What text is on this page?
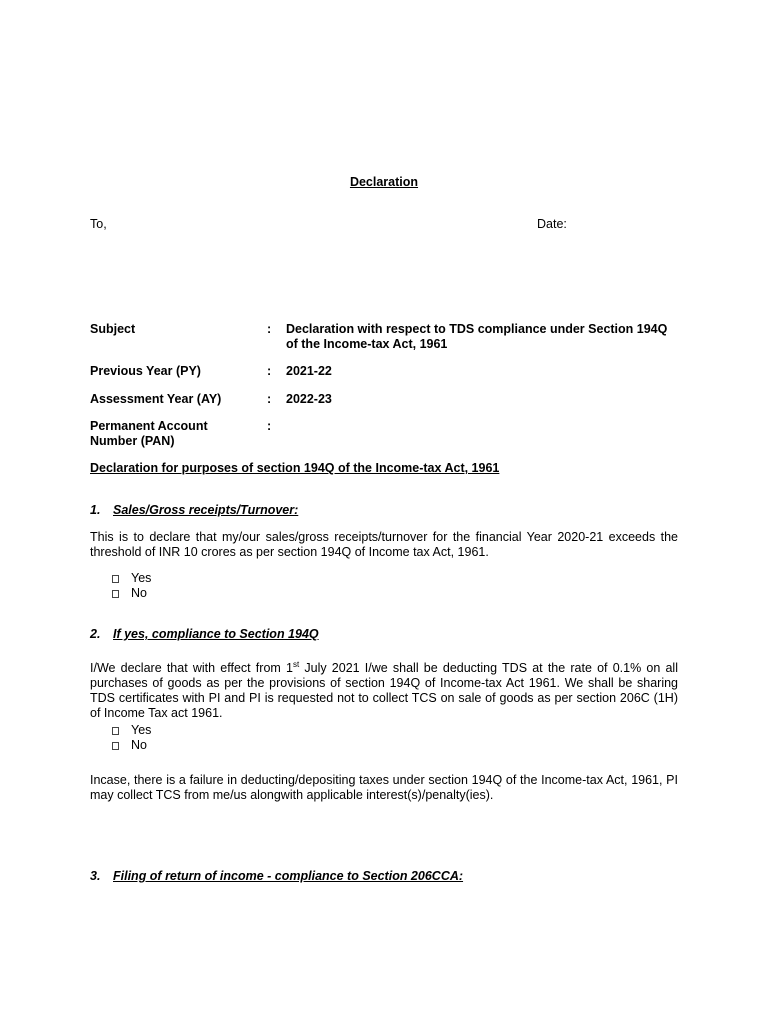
Declaration
To,	Date:
Subject	: Declaration with respect to TDS compliance under Section 194Q
of the Income-tax Act, 1961
Previous Year (PY)	: 2021-22
Assessment Year (AY)	: 2022-23
Permanent Account
Number (PAN)
:
Declaration for purposes of section 194Q of the Income-tax Act, 1961
1. Sales/Gross receipts/Turnover:
This is to declare that my/our sales/gross receipts/turnover for the financial Year 2020-21 exceeds the threshold of INR 10 crores as per section 194Q of Income tax Act, 1961.
Yes
No
2. If yes, compliance to Section 194Q
I/We declare that with effect from 1st July 2021 I/we shall be deducting TDS at the rate of 0.1% on all purchases of goods as per the provisions of section 194Q of Income-tax Act 1961. We shall be sharing TDS certificates with PI and PI is requested not to collect TCS on sale of goods as per section 206C (1H) of Income Tax act 1961.
Yes
No
Incase, there is a failure in deducting/depositing taxes under section 194Q of the Income-tax Act, 1961, PI may collect TCS from me/us alongwith applicable interest(s)/penalty(ies).
3. Filing of return of income - compliance to Section 206CCA:
